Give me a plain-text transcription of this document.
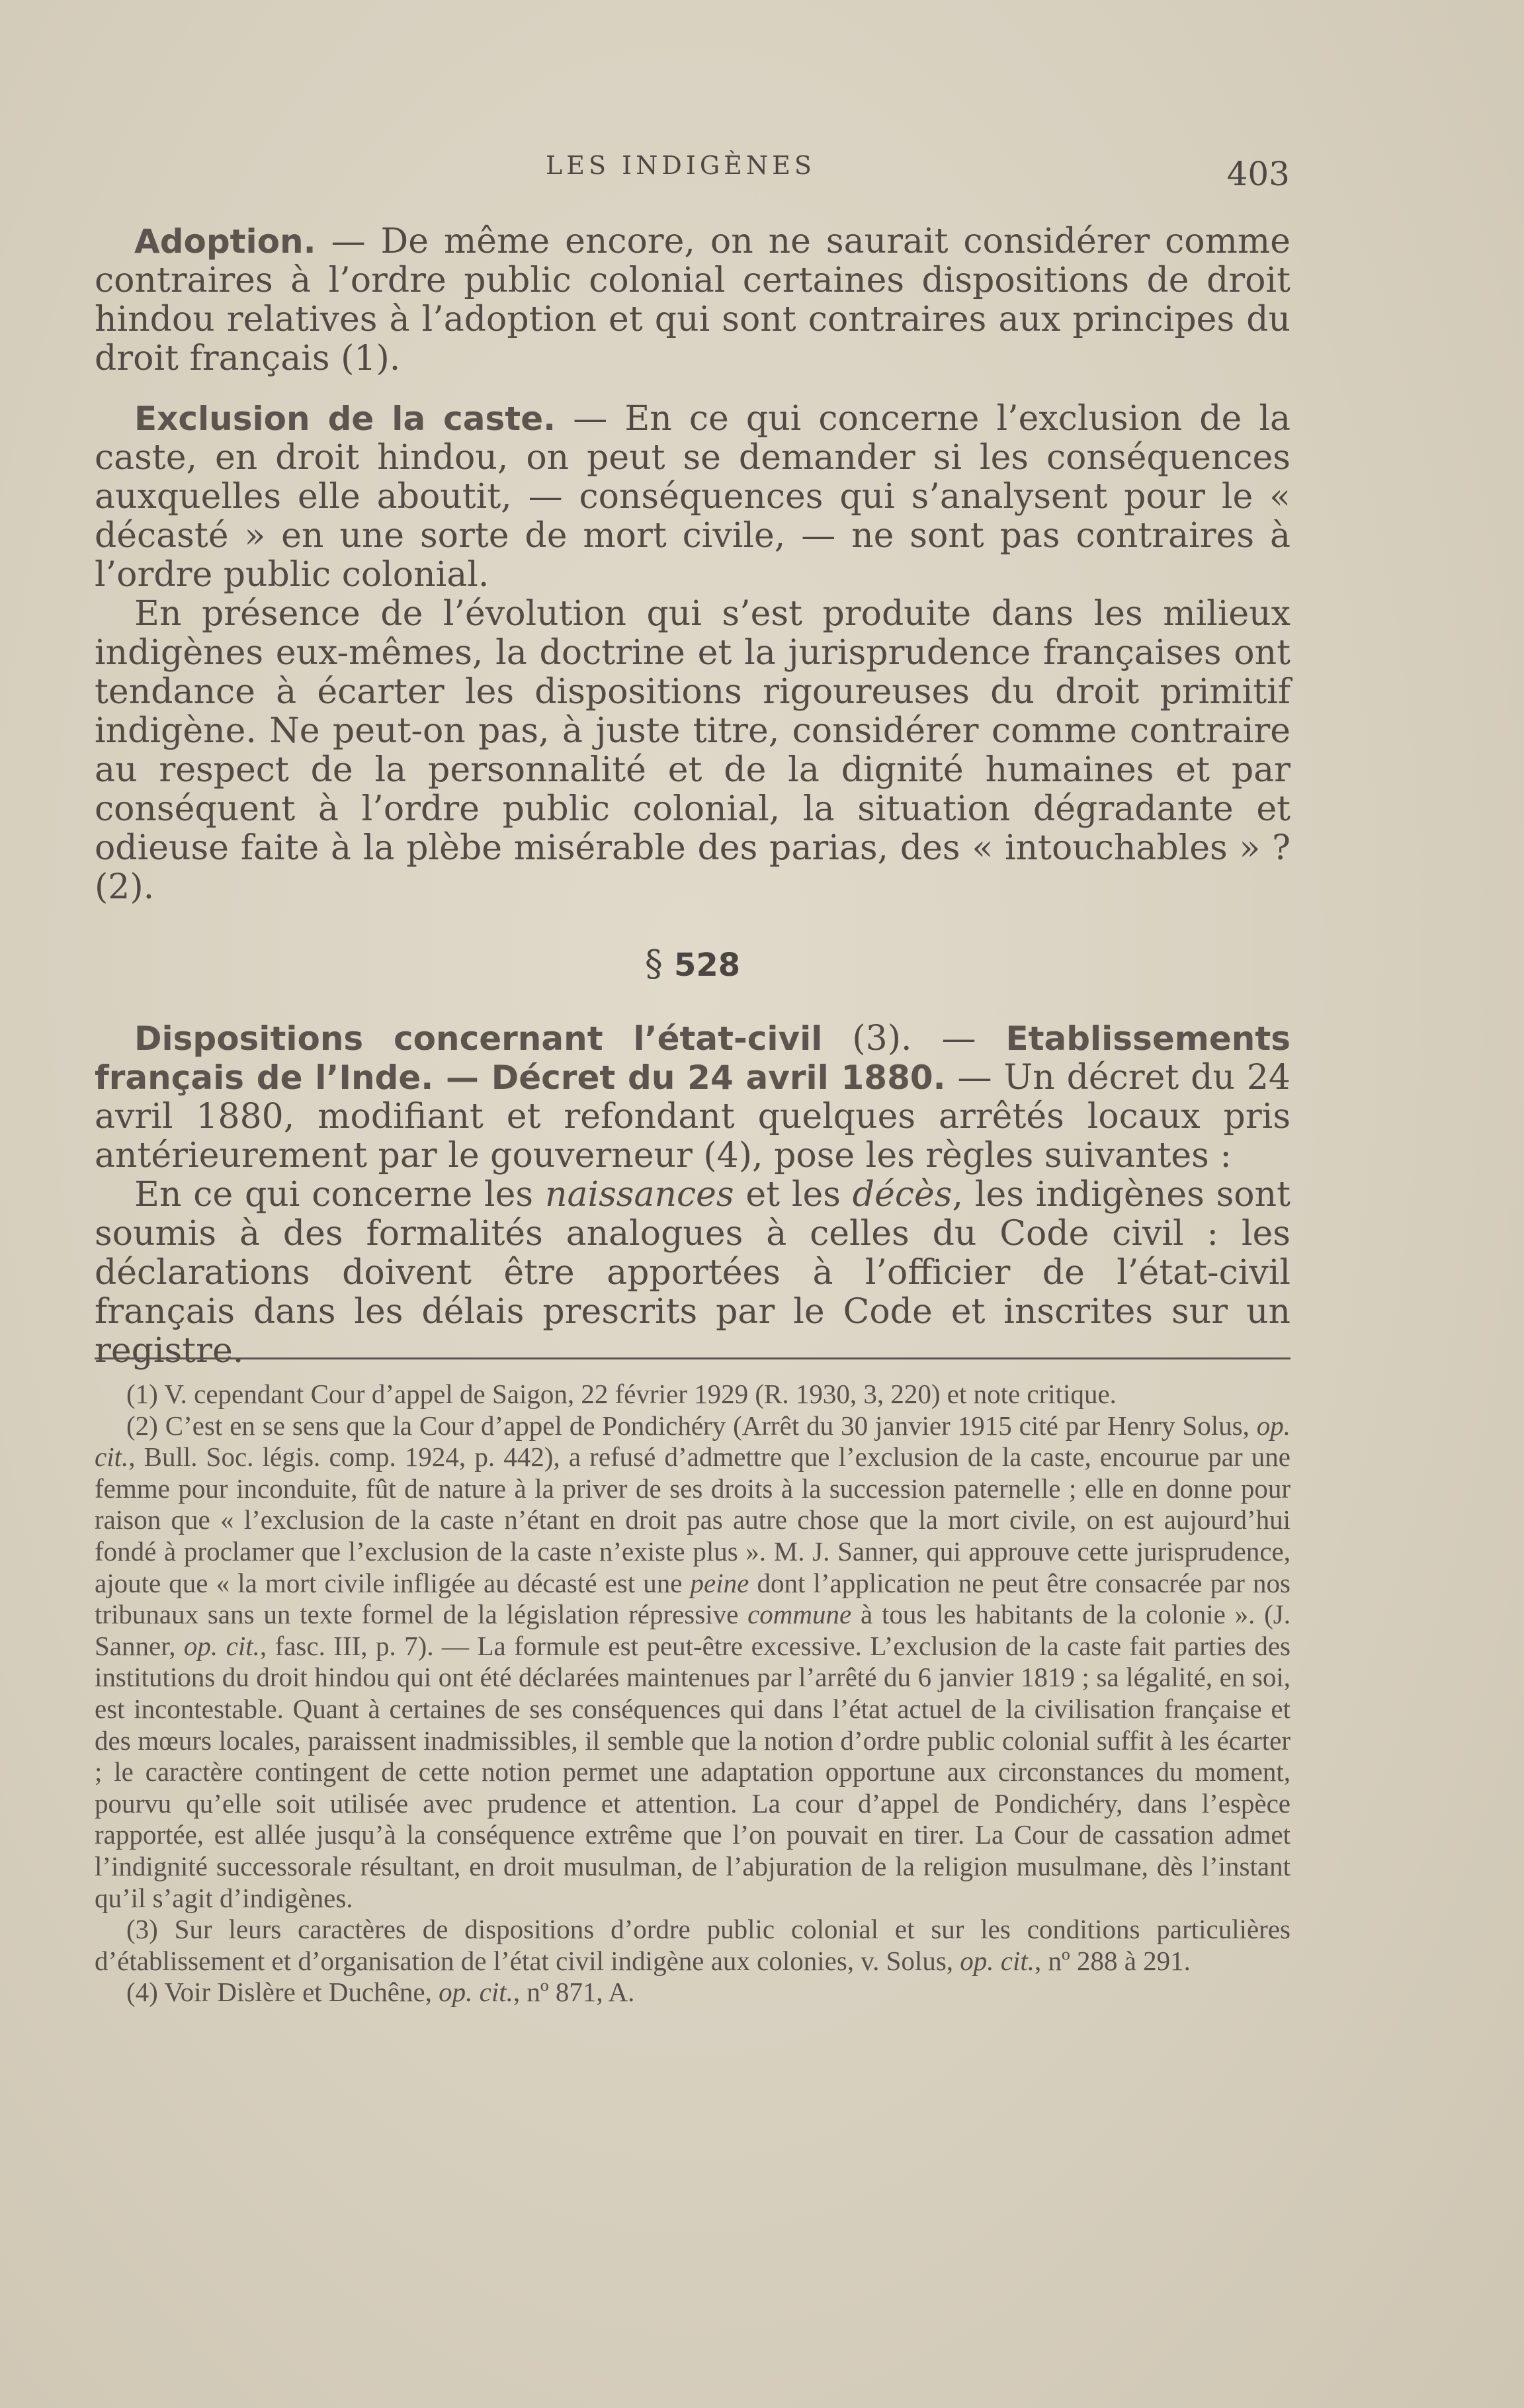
LES INDIGÈNES	403

Adoption. — De même encore, on ne saurait considérer comme contraires à l’ordre public colonial certaines dispositions de droit hindou relatives à l’adoption et qui sont contraires aux principes du droit français (1).

Exclusion de la caste. — En ce qui concerne l’exclusion de la caste, en droit hindou, on peut se demander si les conséquences auxquelles elle aboutit, — conséquences qui s’analysent pour le « décasté » en une sorte de mort civile, — ne sont pas contraires à l’ordre public colonial.

En présence de l’évolution qui s’est produite dans les milieux indigènes eux-mêmes, la doctrine et la jurisprudence françaises ont tendance à écarter les dispositions rigoureuses du droit primitif indigène. Ne peut-on pas, à juste titre, considérer comme contraire au respect de la personnalité et de la dignité humaines et par conséquent à l’ordre public colonial, la situation dégradante et odieuse faite à la plèbe misérable des parias, des « intouchables » ? (2).

§ 528

Dispositions concernant l’état-civil (3). — Etablissements français de l’Inde. — Décret du 24 avril 1880. — Un décret du 24 avril 1880, modifiant et refondant quelques arrêtés locaux pris antérieurement par le gouverneur (4), pose les règles suivantes :

En ce qui concerne les naissances et les décès, les indigènes sont soumis à des formalités analogues à celles du Code civil : les déclarations doivent être apportées à l’officier de l’état-civil français dans les délais prescrits par le Code et inscrites sur un registre.

(1) V. cependant Cour d’appel de Saigon, 22 février 1929 (R. 1930, 3, 220) et note critique.

(2) C’est en se sens que la Cour d’appel de Pondichéry (Arrêt du 30 janvier 1915 cité par Henry Solus, op. cit., Bull. Soc. légis. comp. 1924, p. 442), a refusé d’admettre que l’exclusion de la caste, encourue par une femme pour inconduite, fût de nature à la priver de ses droits à la succession paternelle ; elle en donne pour raison que « l’exclusion de la caste n’étant en droit pas autre chose que la mort civile, on est aujourd’hui fondé à proclamer que l’exclusion de la caste n’existe plus ». M. J. Sanner, qui approuve cette jurisprudence, ajoute que « la mort civile infligée au décasté est une peine dont l’application ne peut être consacrée par nos tribunaux sans un texte formel de la législation répressive commune à tous les habitants de la colonie ». (J. Sanner, op. cit., fasc. III, p. 7). — La formule est peut-être excessive. L’exclusion de la caste fait parties des institutions du droit hindou qui ont été déclarées maintenues par l’arrêté du 6 janvier 1819 ; sa légalité, en soi, est incontestable. Quant à certaines de ses conséquences qui dans l’état actuel de la civilisation française et des mœurs locales, paraissent inadmissibles, il semble que la notion d’ordre public colonial suffit à les écarter ; le caractère contingent de cette notion permet une adaptation opportune aux circonstances du moment, pourvu qu’elle soit utilisée avec prudence et attention. La cour d’appel de Pondichéry, dans l’espèce rapportée, est allée jusqu’à la conséquence extrême que l’on pouvait en tirer. La Cour de cassation admet l’indignité successorale résultant, en droit musulman, de l’abjuration de la religion musulmane, dès l’instant qu’il s’agit d’indigènes.

(3) Sur leurs caractères de dispositions d’ordre public colonial et sur les conditions particulières d’établissement et d’organisation de l’état civil indigène aux colonies, v. Solus, op. cit., nº 288 à 291.

(4) Voir Dislère et Duchêne, op. cit., nº 871, A.
